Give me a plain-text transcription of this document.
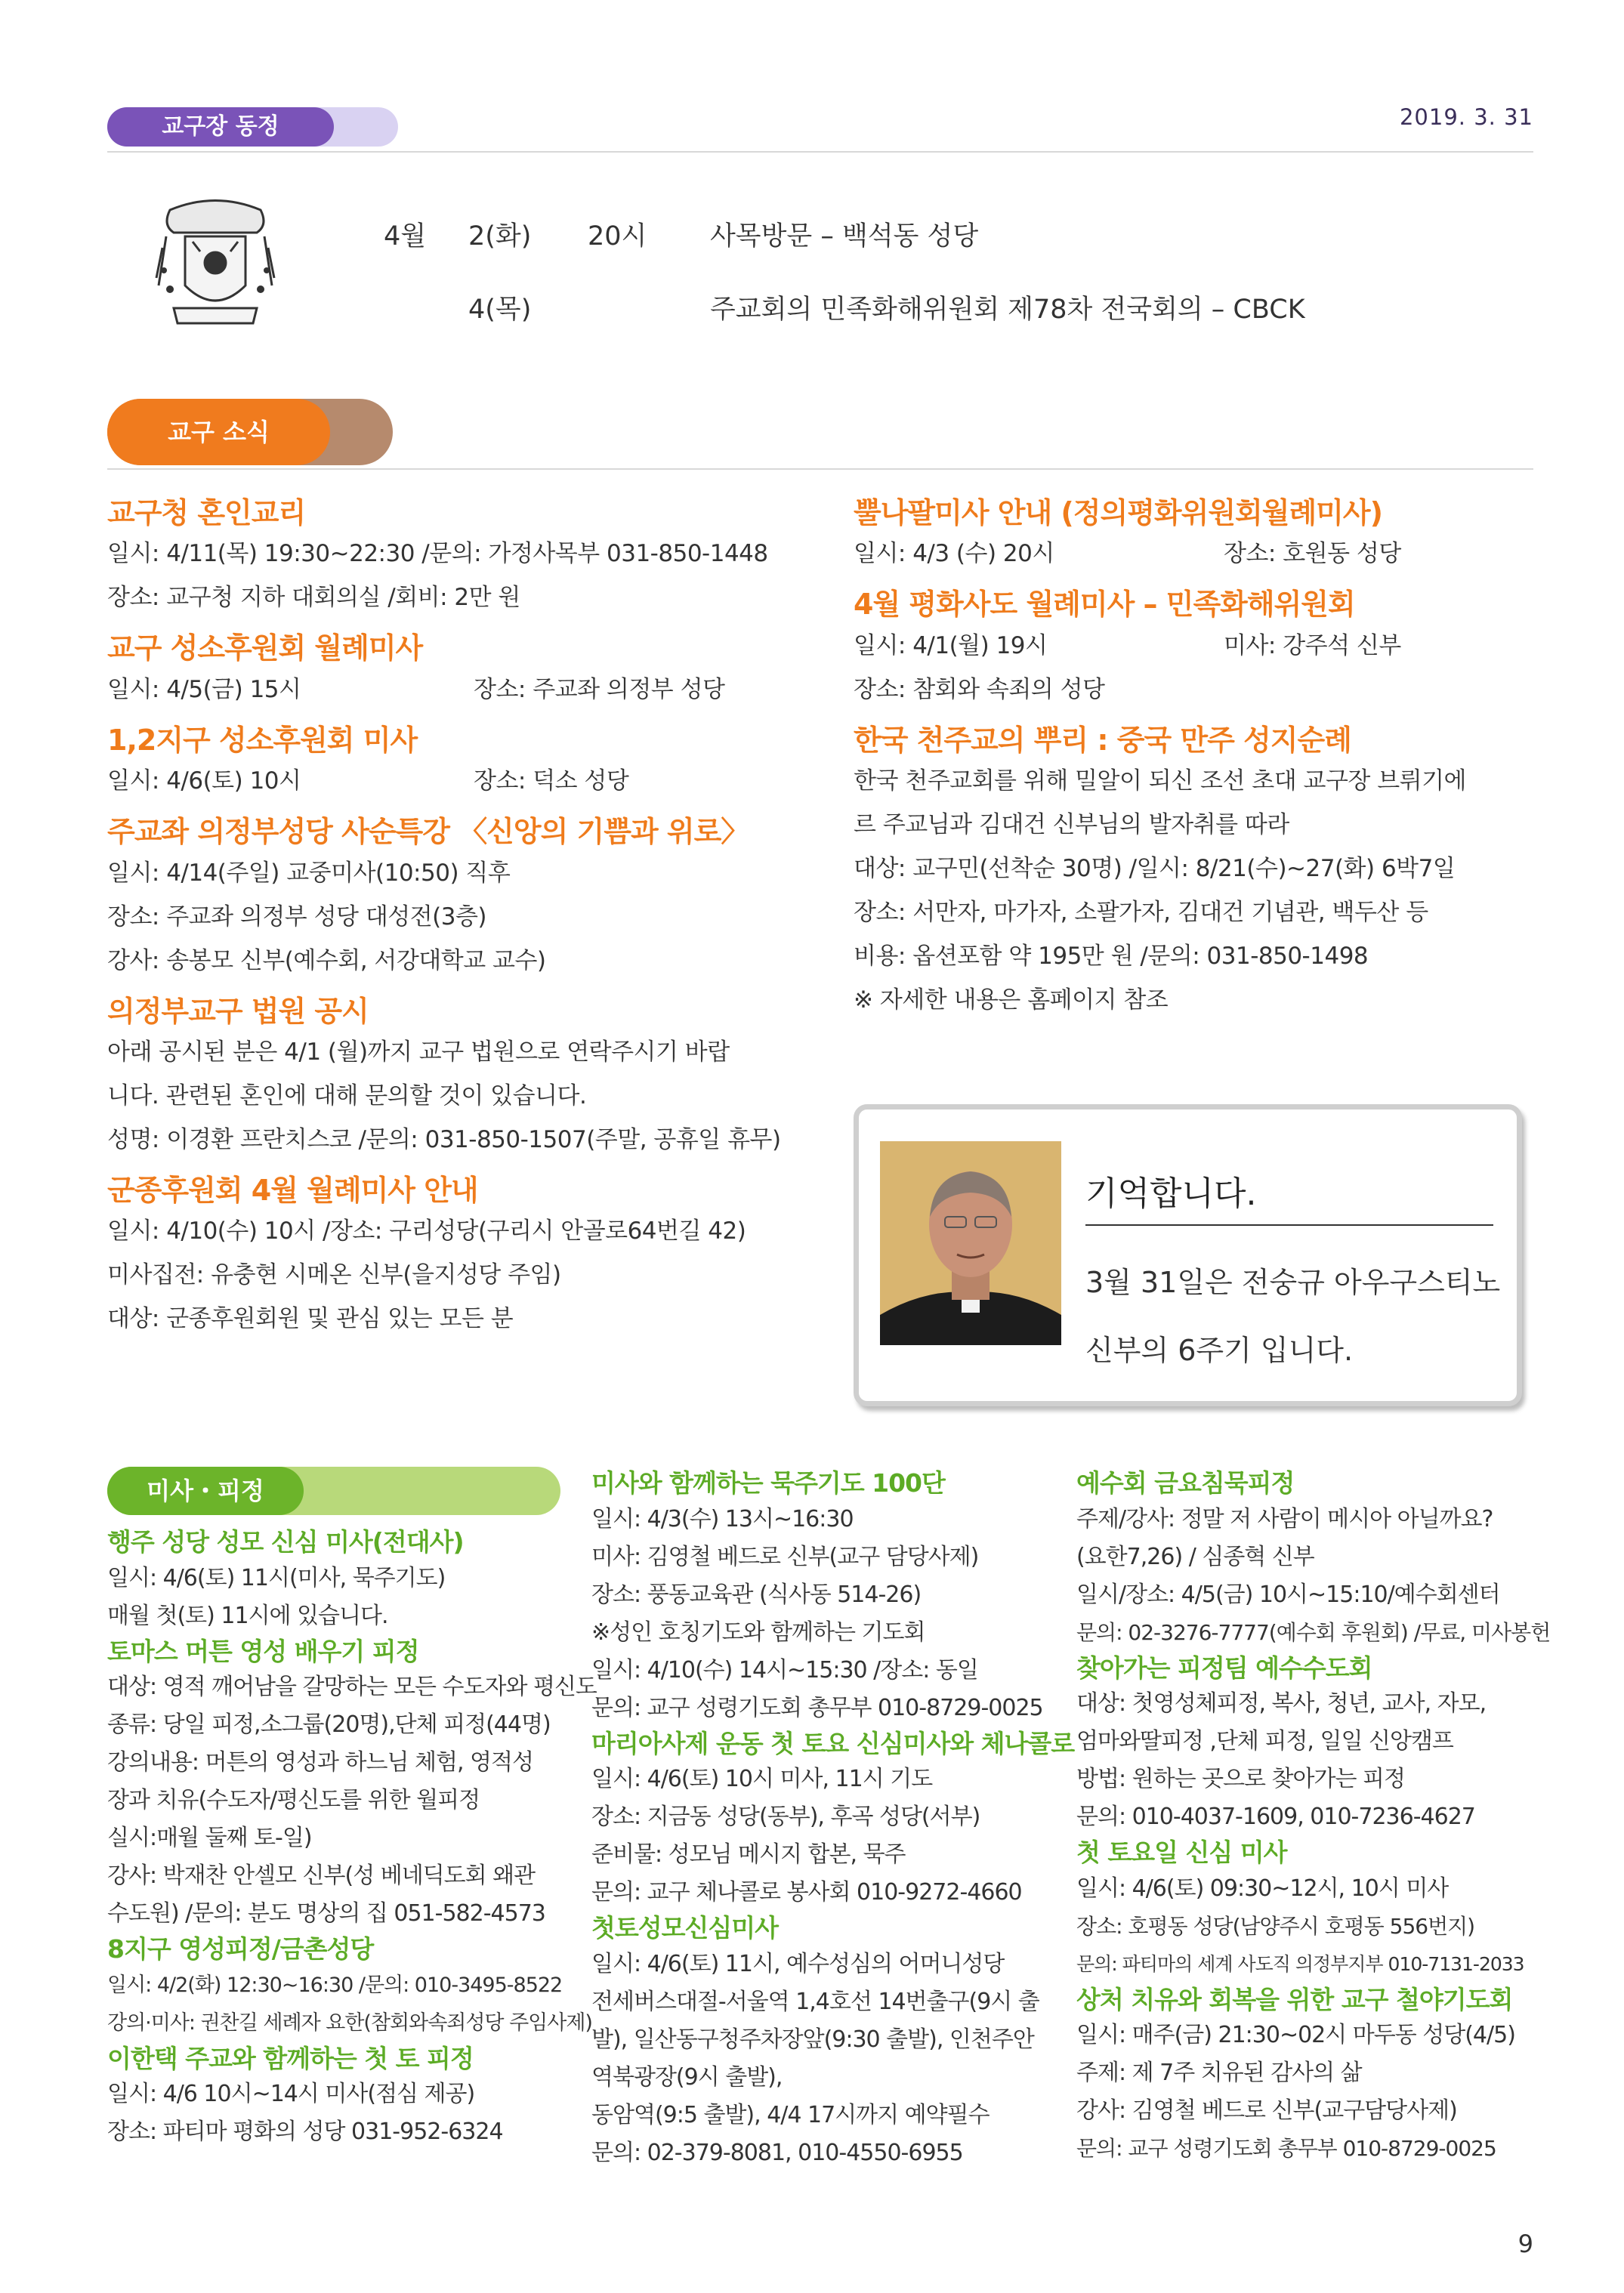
교구장 동정	2019. 3. 31
4월 2(화) 20시 사목방문 – 백석동 성당
4(목)	주교회의 민족화해위원회 제78차 전국회의 – CBCK
교구 소식
교구청 혼인교리
일시: 4/11(목) 19:30~22:30 /문의: 가정사목부 031-850-1448
장소: 교구청 지하 대회의실 /회비: 2만 원
교구 성소후원회 월례미사
일시: 4/5(금) 15시	장소: 주교좌 의정부 성당
1,2지구 성소후원회 미사
일시: 4/6(토) 10시	장소: 덕소 성당
주교좌 의정부성당 사순특강 〈신앙의 기쁨과 위로〉
일시: 4/14(주일) 교중미사(10:50) 직후
장소: 주교좌 의정부 성당 대성전(3층)
강사: 송봉모 신부(예수회, 서강대학교 교수)
의정부교구 법원 공시
아래 공시된 분은 4/1 (월)까지 교구 법원으로 연락주시기 바랍
니다. 관련된 혼인에 대해 문의할 것이 있습니다.
성명: 이경환 프란치스코 /문의: 031-850-1507(주말, 공휴일 휴무)
군종후원회 4월 월례미사 안내
일시: 4/10(수) 10시 /장소: 구리성당(구리시 안골로64번길 42)
미사집전: 유충현 시메온 신부(을지성당 주임)
대상: 군종후원회원 및 관심 있는 모든 분
뿔나팔미사 안내 (정의평화위원회월례미사)
일시: 4/3 (수) 20시	장소: 호원동 성당
4월 평화사도 월례미사 – 민족화해위원회
일시: 4/1(월) 19시	미사: 강주석 신부
장소: 참회와 속죄의 성당
한국 천주교의 뿌리 : 중국 만주 성지순례
한국 천주교회를 위해 밀알이 되신 조선 초대 교구장 브뤼기에
르 주교님과 김대건 신부님의 발자취를 따라
대상: 교구민(선착순 30명) /일시: 8/21(수)~27(화) 6박7일
장소: 서만자, 마가자, 소팔가자, 김대건 기념관, 백두산 등
비용: 옵션포함 약 195만 원 /문의: 031-850-1498
※ 자세한 내용은 홈페이지 참조
기억합니다.
3월 31일은 전숭규 아우구스티노
신부의 6주기 입니다.
미사・피정
행주 성당 성모 신심 미사(전대사)
일시: 4/6(토) 11시(미사, 묵주기도)
매월 첫(토) 11시에 있습니다.
토마스 머튼 영성 배우기 피정
대상: 영적 깨어남을 갈망하는 모든 수도자와 평신도
종류: 당일 피정,소그룹(20명),단체 피정(44명)
강의내용: 머튼의 영성과 하느님 체험, 영적성
장과 치유(수도자/평신도를 위한 월피정
실시:매월 둘째 토-일)
강사: 박재찬 안셀모 신부(성 베네딕도회 왜관
수도원) /문의: 분도 명상의 집 051-582-4573
8지구 영성피정/금촌성당
일시: 4/2(화) 12:30~16:30 /문의: 010-3495-8522
강의·미사: 권찬길 세례자 요한(참회와속죄성당 주임사제)
이한택 주교와 함께하는 첫 토 피정
일시: 4/6 10시~14시 미사(점심 제공)
장소: 파티마 평화의 성당 031-952-6324
미사와 함께하는 묵주기도 100단
일시: 4/3(수) 13시~16:30
미사: 김영철 베드로 신부(교구 담당사제)
장소: 풍동교육관 (식사동 514-26)
※성인 호칭기도와 함께하는 기도회
일시: 4/10(수) 14시~15:30 /장소: 동일
문의: 교구 성령기도회 총무부 010-8729-0025
마리아사제 운동 첫 토요 신심미사와 체나콜로
일시: 4/6(토) 10시 미사, 11시 기도
장소: 지금동 성당(동부), 후곡 성당(서부)
준비물: 성모님 메시지 합본, 묵주
문의: 교구 체나콜로 봉사회 010-9272-4660
첫토성모신심미사
일시: 4/6(토) 11시, 예수성심의 어머니성당
전세버스대절-서울역 1,4호선 14번출구(9시 출
발), 일산동구청주차장앞(9:30 출발), 인천주안
역북광장(9시 출발),
동암역(9:5 출발), 4/4 17시까지 예약필수
문의: 02-379-8081, 010-4550-6955
예수회 금요침묵피정
주제/강사: 정말 저 사람이 메시아 아닐까요?
(요한7,26) / 심종혁 신부
일시/장소: 4/5(금) 10시~15:10/예수회센터
문의: 02-3276-7777(예수회 후원회) /무료, 미사봉헌
찾아가는 피정팀 예수수도회
대상: 첫영성체피정, 복사, 청년, 교사, 자모,
엄마와딸피정 ,단체 피정, 일일 신앙캠프
방법: 원하는 곳으로 찾아가는 피정
문의: 010-4037-1609, 010-7236-4627
첫 토요일 신심 미사
일시: 4/6(토) 09:30~12시, 10시 미사
장소: 호평동 성당(남양주시 호평동 556번지)
문의: 파티마의 세계 사도직 의정부지부 010-7131-2033
상처 치유와 회복을 위한 교구 철야기도회
일시: 매주(금) 21:30~02시 마두동 성당(4/5)
주제: 제 7주 치유된 감사의 삶
강사: 김영철 베드로 신부(교구담당사제)
문의: 교구 성령기도회 총무부 010-8729-0025
9
